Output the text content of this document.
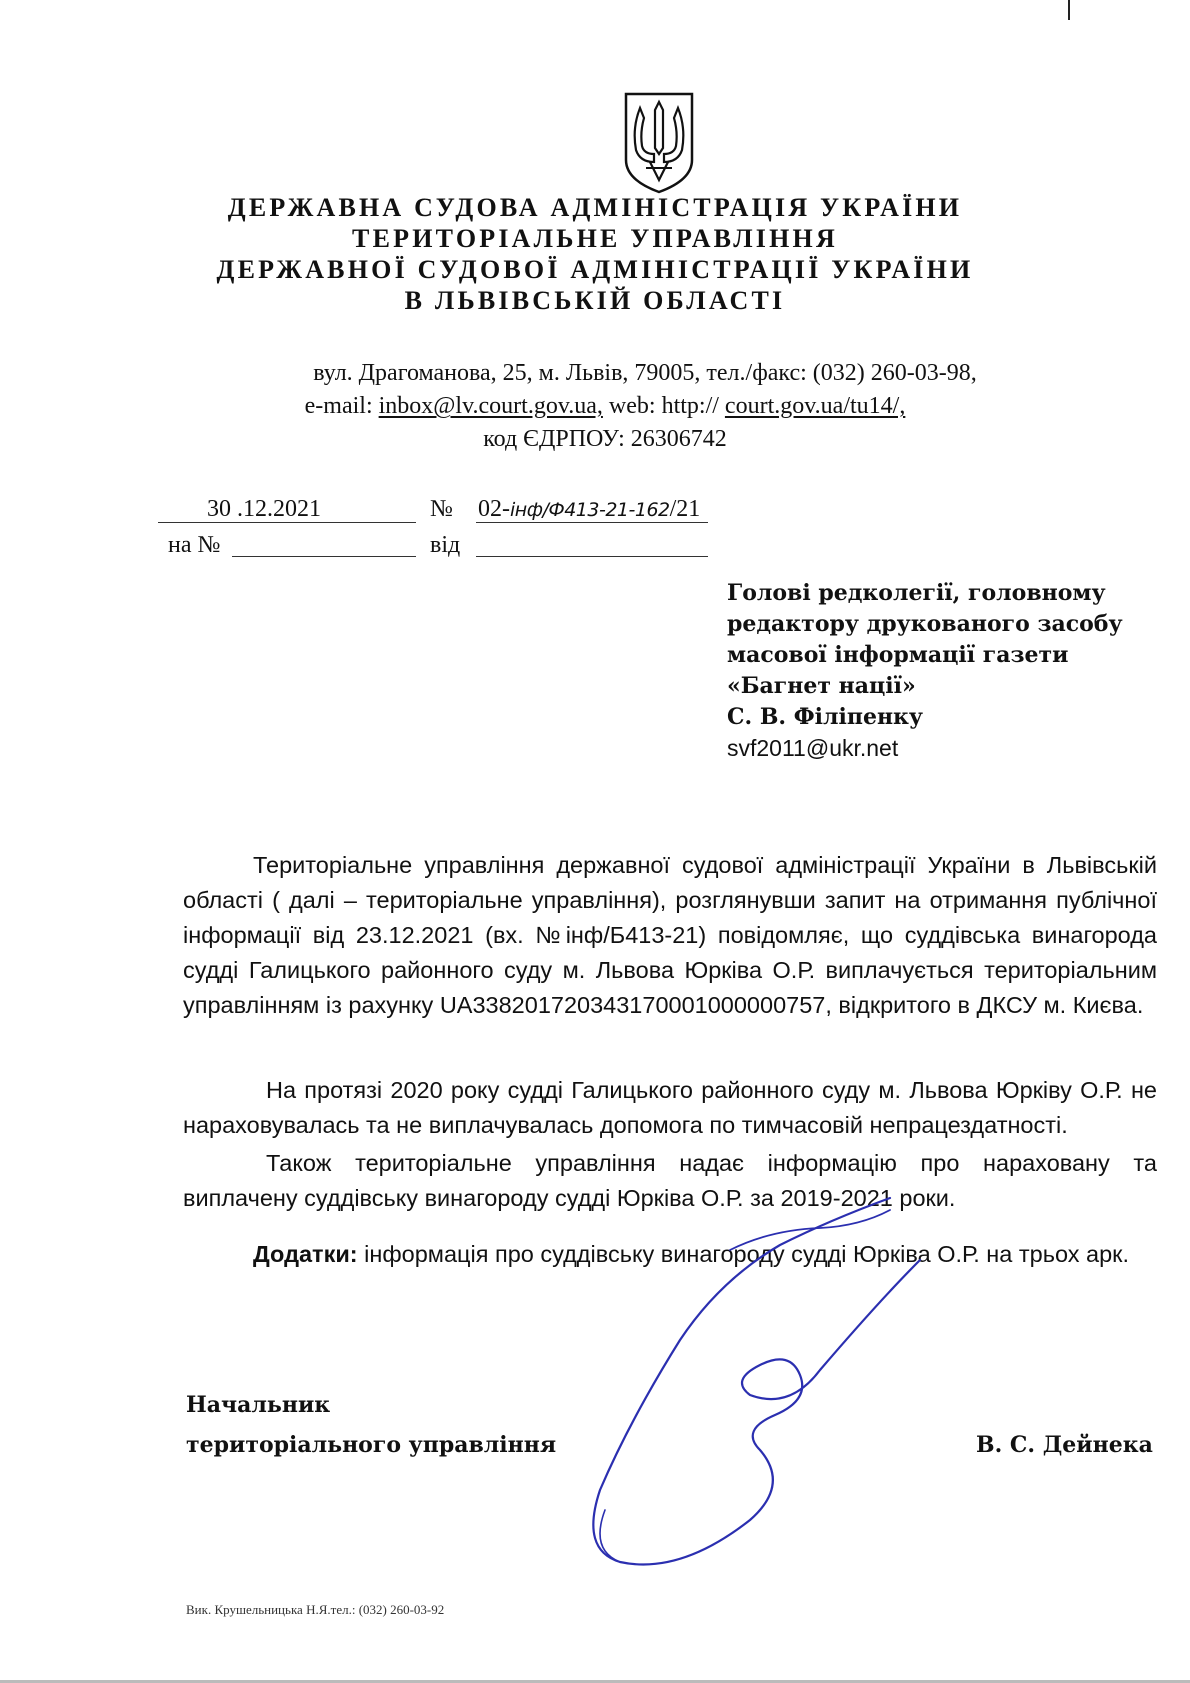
ДЕРЖАВНА СУДОВА АДМІНІСТРАЦІЯ УКРАЇНИ
ТЕРИТОРІАЛЬНЕ УПРАВЛІННЯ
ДЕРЖАВНОЇ СУДОВОЇ АДМІНІСТРАЦІЇ УКРАЇНИ
В ЛЬВІВСЬКІЙ ОБЛАСТІ
вул. Драгоманова, 25, м. Львів, 79005, тел./факс: (032) 260-03-98,
e-mail: inbox@lv.court.gov.ua, web: http:// court.gov.ua/tu14/,
код ЄДРПОУ: 26306742
30 .12.2021	№ 02-інф/Ф413-21-162/21
на №	від
Голові редколегії, головному
редактору друкованого засобу
масової інформації газети
«Багнет нації»
С. В. Філіпенку
svf2011@ukr.net
Територіальне управління державної судової адміністрації України в Львівській області ( далі – територіальне управління), розглянувши запит на отримання публічної інформації від 23.12.2021 (вх. №інф/Б413-21) повідомляє, що суддівська винагорода судді Галицького районного суду м. Львова Юрківа О.Р. виплачується територіальним управлінням із рахунку UA338201720343170001000000757, відкритого в ДКСУ м. Києва.
На протязі 2020 року судді Галицького районного суду м. Львова Юрківу О.Р. не нараховувалась та не виплачувалась допомога по тимчасовій непрацездатності.
Також територіальне управління надає інформацію про нараховану та виплачену суддівську винагороду судді Юрківа О.Р. за 2019-2021 роки.
Додатки: інформація про суддівську винагороду судді Юрківа О.Р. на трьох арк.
Начальник
територіального управління	В. С. Дейнека
Вик. Крушельницька Н.Я.тел.: (032) 260-03-92
